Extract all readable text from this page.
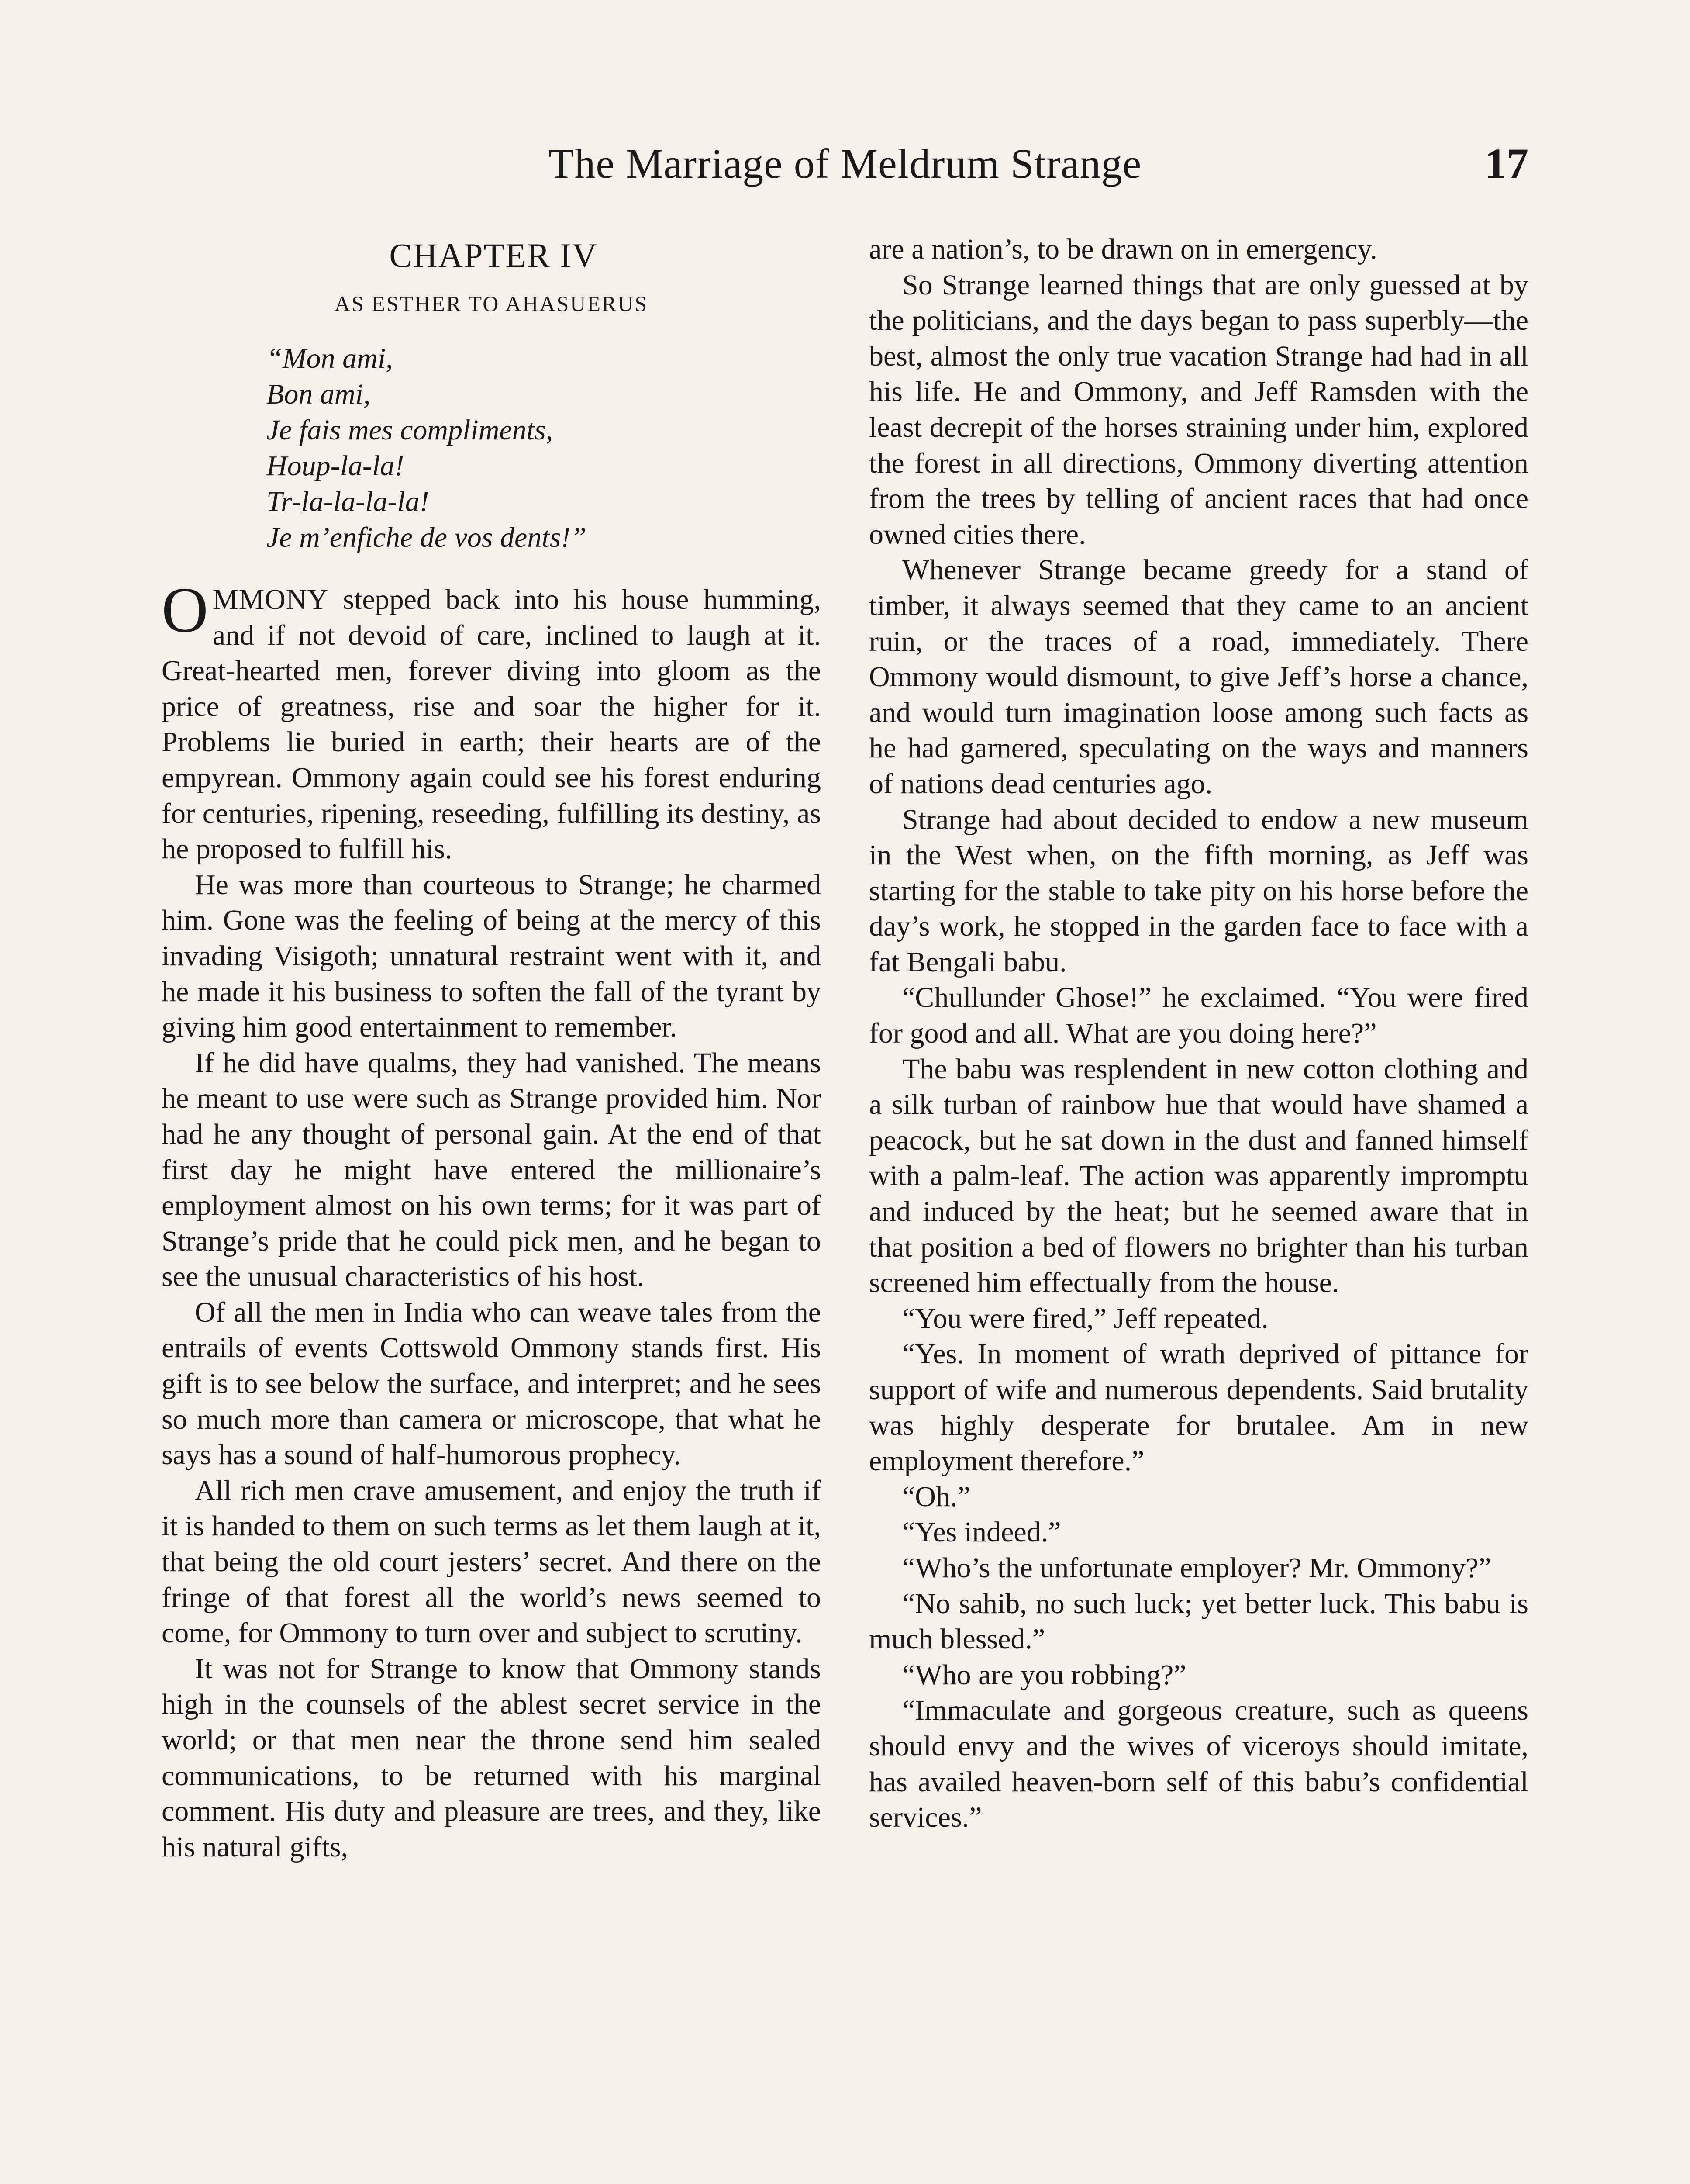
The Marriage of Meldrum Strange	17
CHAPTER IV
AS ESTHER TO AHASUERUS
“Mon ami,
Bon ami,
Je fais mes compliments,
Houp-la-la!
Tr-la-la-la-la!
Je m’enfiche de vos dents!”

OMMONY stepped back into his house humming, and if not devoid of care, inclined to laugh at it. Great-hearted men, forever diving into gloom as the price of greatness, rise and soar the higher for it. Problems lie buried in earth; their hearts are of the empyrean. Ommony again could see his forest enduring for centuries, ripening, reseeding, fulfilling its destiny, as he proposed to fulfill his.

He was more than courteous to Strange; he charmed him. Gone was the feeling of being at the mercy of this invading Visigoth; unnatural restraint went with it, and he made it his business to soften the fall of the tyrant by giving him good entertainment to remember.

If he did have qualms, they had vanished. The means he meant to use were such as Strange provided him. Nor had he any thought of personal gain. At the end of that first day he might have entered the millionaire’s employment almost on his own terms; for it was part of Strange’s pride that he could pick men, and he began to see the unusual characteristics of his host.

Of all the men in India who can weave tales from the entrails of events Cottswold Ommony stands first. His gift is to see below the surface, and interpret; and he sees so much more than camera or microscope, that what he says has a sound of half-humorous prophecy.

All rich men crave amusement, and enjoy the truth if it is handed to them on such terms as let them laugh at it, that being the old court jesters’ secret. And there on the fringe of that forest all the world’s news seemed to come, for Ommony to turn over and subject to scrutiny.

It was not for Strange to know that Ommony stands high in the counsels of the ablest secret service in the world; or that men near the throne send him sealed communications, to be returned with his marginal comment. His duty and pleasure are trees, and they, like his natural gifts,

are a nation’s, to be drawn on in emergency.

So Strange learned things that are only guessed at by the politicians, and the days began to pass superbly—the best, almost the only true vacation Strange had had in all his life. He and Ommony, and Jeff Ramsden with the least decrepit of the horses straining under him, explored the forest in all directions, Ommony diverting attention from the trees by telling of ancient races that had once owned cities there.

Whenever Strange became greedy for a stand of timber, it always seemed that they came to an ancient ruin, or the traces of a road, immediately. There Ommony would dismount, to give Jeff’s horse a chance, and would turn imagination loose among such facts as he had garnered, speculating on the ways and manners of nations dead centuries ago.

Strange had about decided to endow a new museum in the West when, on the fifth morning, as Jeff was starting for the stable to take pity on his horse before the day’s work, he stopped in the garden face to face with a fat Bengali babu.

“Chullunder Ghose!” he exclaimed. “You were fired for good and all. What are you doing here?”

The babu was resplendent in new cotton clothing and a silk turban of rainbow hue that would have shamed a peacock, but he sat down in the dust and fanned himself with a palm-leaf. The action was apparently impromptu and induced by the heat; but he seemed aware that in that position a bed of flowers no brighter than his turban screened him effectually from the house.

“You were fired,” Jeff repeated.

“Yes. In moment of wrath deprived of pittance for support of wife and numerous dependents. Said brutality was highly desperate for brutalee. Am in new employment therefore.”

“Oh.”

“Yes indeed.”

“Who’s the unfortunate employer? Mr. Ommony?”

“No sahib, no such luck; yet better luck. This babu is much blessed.”

“Who are you robbing?”

“Immaculate and gorgeous creature, such as queens should envy and the wives of viceroys should imitate, has availed heaven-born self of this babu’s confidential services.”
